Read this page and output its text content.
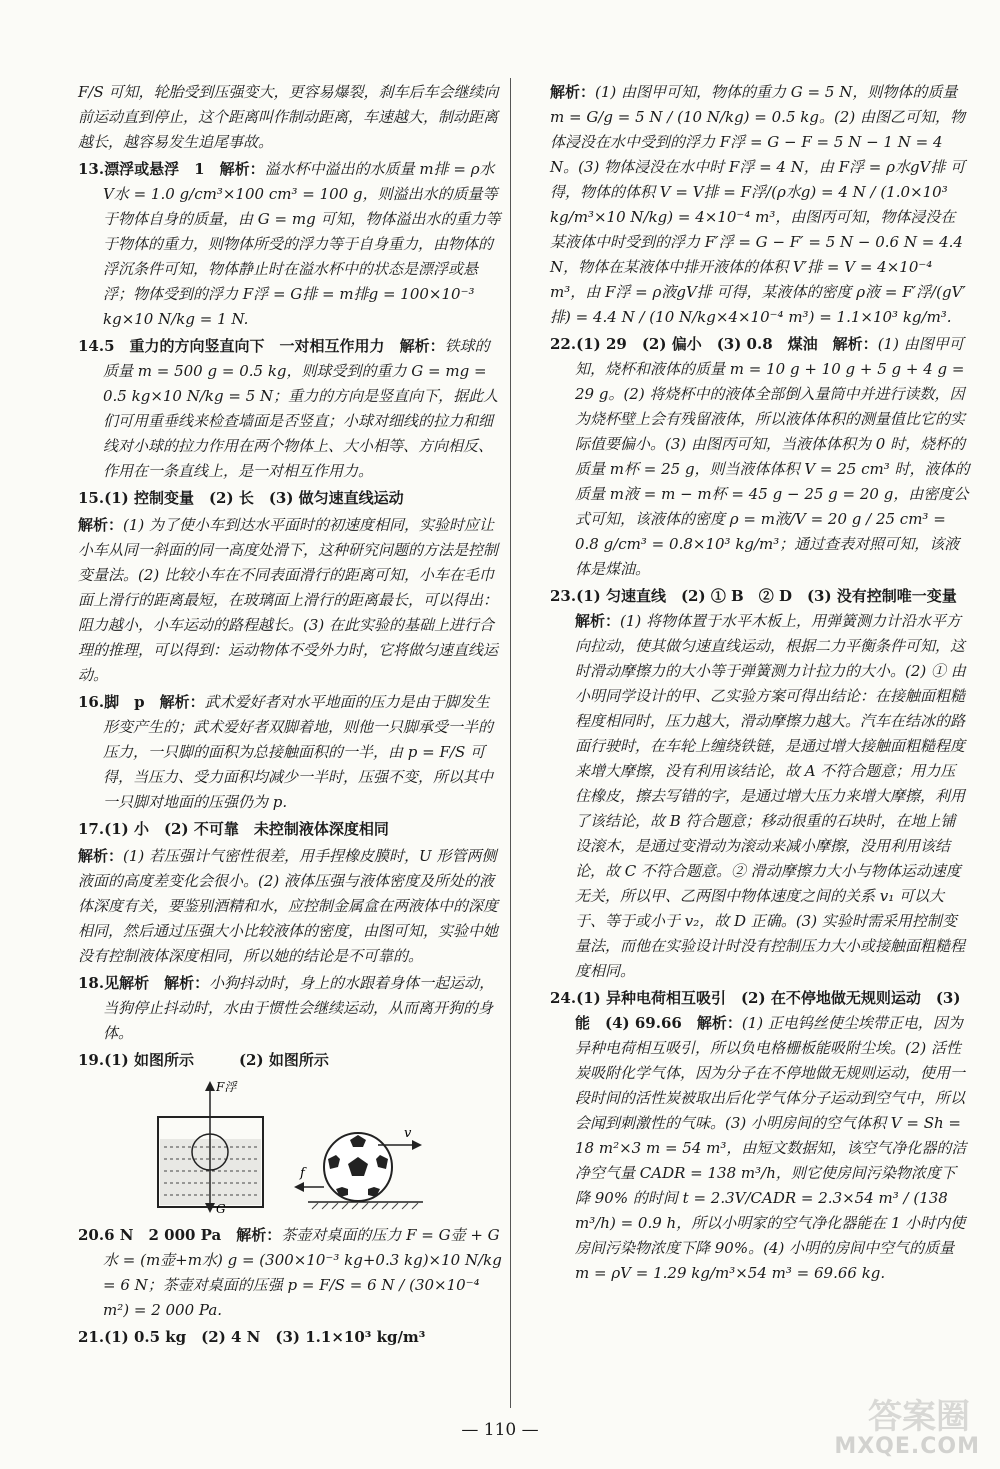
F/S 可知，轮胎受到压强变大，更容易爆裂，刹车后车会继续向前运动直到停止，这个距离叫作制动距离，车速越大，制动距离越长，越容易发生追尾事故。

13.漂浮或悬浮　1　 解析：溢水杯中溢出的水质量 m排 = ρ水V水 = 1.0 g/cm³×100 cm³ = 100 g，则溢出水的质量等于物体自身的质量，由 G = mg 可知，物体溢出水的重力等于物体的重力，则物体所受的浮力等于自身重力，由物体的浮沉条件可知，物体静止时在溢水杯中的状态是漂浮或悬浮；物体受到的浮力 F浮 = G排 = m排g = 100×10⁻³ kg×10 N/kg = 1 N.

14.5　重力的方向竖直向下　一对相互作用力　 解析：铁球的质量 m = 500 g = 0.5 kg，则球受到的重力 G = mg = 0.5 kg×10 N/kg = 5 N；重力的方向是竖直向下，据此人们可用重垂线来检查墙面是否竖直；小球对细线的拉力和细线对小球的拉力作用在两个物体上、大小相等、方向相反、作用在一条直线上，是一对相互作用力。

15.(1) 控制变量　(2) 长　(3) 做匀速直线运动

解析：(1) 为了使小车到达水平面时的初速度相同，实验时应让小车从同一斜面的同一高度处滑下，这种研究问题的方法是控制变量法。(2) 比较小车在不同表面滑行的距离可知，小车在毛巾面上滑行的距离最短，在玻璃面上滑行的距离最长，可以得出：阻力越小，小车运动的路程越长。(3) 在此实验的基础上进行合理的推理，可以得到：运动物体不受外力时，它将做匀速直线运动。

16.脚　p　 解析：武术爱好者对水平地面的压力是由于脚发生形变产生的；武术爱好者双脚着地，则他一只脚承受一半的压力，一只脚的面积为总接触面积的一半，由 p = F/S 可得，当压力、受力面积均减少一半时，压强不变，所以其中一只脚对地面的压强仍为 p.

17.(1) 小　(2) 不可靠　未控制液体深度相同

解析：(1) 若压强计气密性很差，用手捏橡皮膜时，U 形管两侧液面的高度差变化会很小。(2) 液体压强与液体密度及所处的液体深度有关，要鉴别酒精和水，应控制金属盒在两液体中的深度相同，然后通过压强大小比较液体的密度，由图可知，实验中她没有控制液体深度相同，所以她的结论是不可靠的。

18.见解析　 解析：小狗抖动时，身上的水跟着身体一起运动，当狗停止抖动时，水由于惯性会继续运动，从而离开狗的身体。

19.(1) 如图所示　　　(2) 如图所示

F浮
G
f
v

20.6 N　2 000 Pa　 解析：茶壶对桌面的压力 F = G壶 + G水 = (m壶+m水) g = (300×10⁻³ kg+0.3 kg)×10 N/kg = 6 N；茶壶对桌面的压强 p = F/S = 6 N / (30×10⁻⁴ m²) = 2 000 Pa.

21.(1) 0.5 kg　(2) 4 N　(3) 1.1×10³ kg/m³

解析：(1) 由图甲可知，物体的重力 G = 5 N，则物体的质量 m = G/g = 5 N / (10 N/kg) = 0.5 kg。(2) 由图乙可知，物体浸没在水中受到的浮力 F浮 = G − F = 5 N − 1 N = 4 N。(3) 物体浸没在水中时 F浮 = 4 N，由 F浮 = ρ水gV排 可得，物体的体积 V = V排 = F浮/(ρ水g) = 4 N / (1.0×10³ kg/m³×10 N/kg) = 4×10⁻⁴ m³，由图丙可知，物体浸没在某液体中时受到的浮力 F′浮 = G − F′ = 5 N − 0.6 N = 4.4 N，物体在某液体中排开液体的体积 V′排 = V = 4×10⁻⁴ m³，由 F浮 = ρ液gV排 可得，某液体的密度 ρ液 = F′浮/(gV′排) = 4.4 N / (10 N/kg×4×10⁻⁴ m³) = 1.1×10³ kg/m³.

22.(1) 29　(2) 偏小　(3) 0.8　煤油　 解析：(1) 由图甲可知，烧杯和液体的质量 m = 10 g + 10 g + 5 g + 4 g = 29 g。(2) 将烧杯中的液体全部倒入量筒中并进行读数，因为烧杯壁上会有残留液体，所以液体体积的测量值比它的实际值要偏小。(3) 由图丙可知，当液体体积为 0 时，烧杯的质量 m杯 = 25 g，则当液体体积 V = 25 cm³ 时，液体的质量 m液 = m − m杯 = 45 g − 25 g = 20 g，由密度公式可知，该液体的密度 ρ = m液/V = 20 g / 25 cm³ = 0.8 g/cm³ = 0.8×10³ kg/m³；通过查表对照可知，该液体是煤油。

23.(1) 匀速直线　(2) ① B　② D　(3) 没有控制唯一变量　解析：(1) 将物体置于水平木板上，用弹簧测力计沿水平方向拉动，使其做匀速直线运动，根据二力平衡条件可知，这时滑动摩擦力的大小等于弹簧测力计拉力的大小。(2) ① 由小明同学设计的甲、乙实验方案可得出结论：在接触面粗糙程度相同时，压力越大，滑动摩擦力越大。汽车在结冰的路面行驶时，在车轮上缠绕铁链，是通过增大接触面粗糙程度来增大摩擦，没有利用该结论，故 A 不符合题意；用力压住橡皮，擦去写错的字，是通过增大压力来增大摩擦，利用了该结论，故 B 符合题意；移动很重的石块时，在地上铺设滚木，是通过变滑动为滚动来减小摩擦，没用利用该结论，故 C 不符合题意。② 滑动摩擦力大小与物体运动速度无关，所以甲、乙两图中物体速度之间的关系 v₁ 可以大于、等于或小于 v₂，故 D 正确。(3) 实验时需采用控制变量法，而他在实验设计时没有控制压力大小或接触面粗糙程度相同。

24.(1) 异种电荷相互吸引　(2) 在不停地做无规则运动　(3) 能　(4) 69.66　 解析：(1) 正电钨丝使尘埃带正电，因为异种电荷相互吸引，所以负电格栅板能吸附尘埃。(2) 活性炭吸附化学气体，因为分子在不停地做无规则运动，使用一段时间的活性炭被取出后化学气体分子运动到空气中，所以会闻到刺激性的气味。(3) 小明房间的空气体积 V = Sh = 18 m²×3 m = 54 m³，由短文数据知，该空气净化器的洁净空气量 CADR = 138 m³/h，则它使房间污染物浓度下降 90% 的时间 t = 2.3V/CADR = 2.3×54 m³ / (138 m³/h) = 0.9 h，所以小明家的空气净化器能在 1 小时内使房间污染物浓度下降 90%。(4) 小明的房间中空气的质量 m = ρV = 1.29 kg/m³×54 m³ = 69.66 kg.

— 110 —	答案圈
MXQE.COM
